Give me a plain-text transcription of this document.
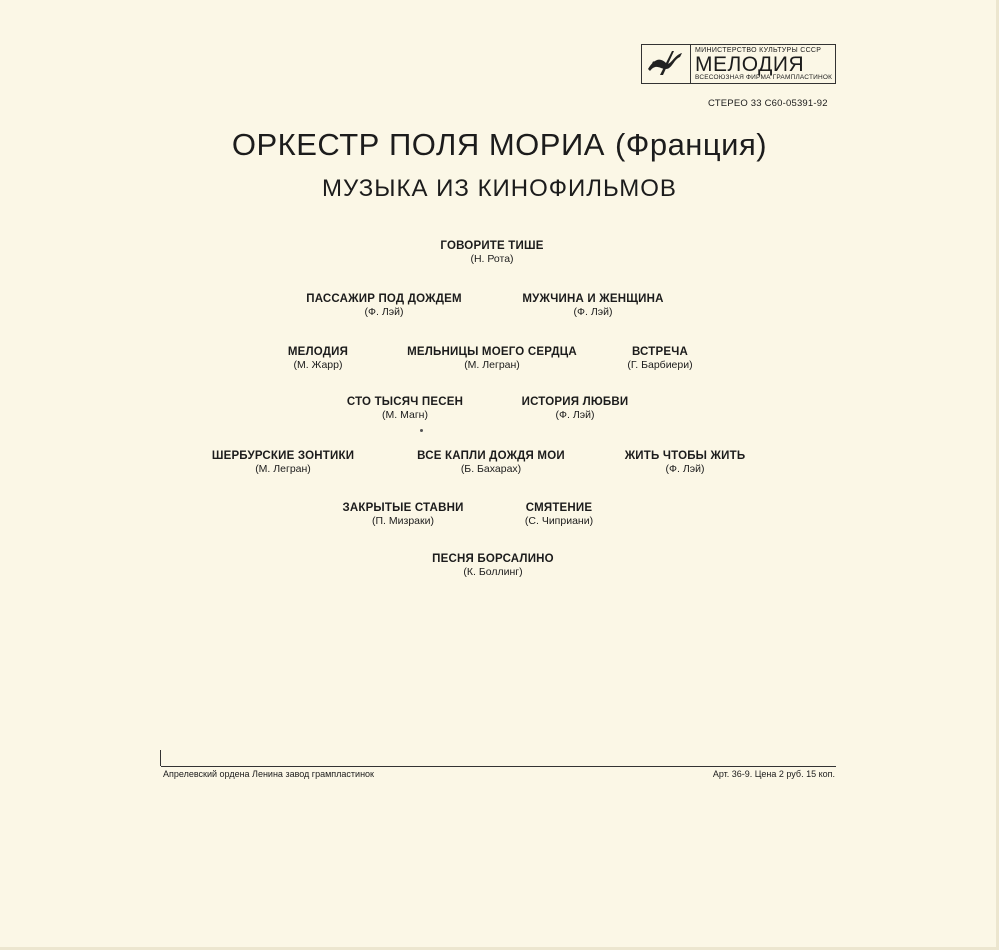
МИНИСТЕРСТВО КУЛЬТУРЫ СССР
МЕЛОДИЯ
ВСЕСОЮЗНАЯ ФИРМА ГРАМПЛАСТИНОК
СТЕРЕО 33 С60-05391-92
ОРКЕСТР ПОЛЯ МОРИА (Франция)
МУЗЫКА ИЗ КИНОФИЛЬМОВ
ГОВОРИТЕ ТИШЕ
(Н. Рота)
ПАССАЖИР ПОД ДОЖДЕМ
(Ф. Лэй)
МУЖЧИНА И ЖЕНЩИНА
(Ф. Лэй)
МЕЛОДИЯ
(М. Жарр)
МЕЛЬНИЦЫ МОЕГО СЕРДЦА
(М. Легран)
ВСТРЕЧА
(Г. Барбиери)
СТО ТЫСЯЧ ПЕСЕН
(М. Магн)
ИСТОРИЯ ЛЮБВИ
(Ф. Лэй)
ШЕРБУРСКИЕ ЗОНТИКИ
(М. Легран)
ВСЕ КАПЛИ ДОЖДЯ МОИ
(Б. Бахарах)
ЖИТЬ ЧТОБЫ ЖИТЬ
(Ф. Лэй)
ЗАКРЫТЫЕ СТАВНИ
(П. Мизраки)
СМЯТЕНИЕ
(С. Чиприани)
ПЕСНЯ БОРСАЛИНО
(К. Боллинг)
Апрелевский ордена Ленина завод грампластинок	Арт. 36-9. Цена 2 руб. 15 коп.
